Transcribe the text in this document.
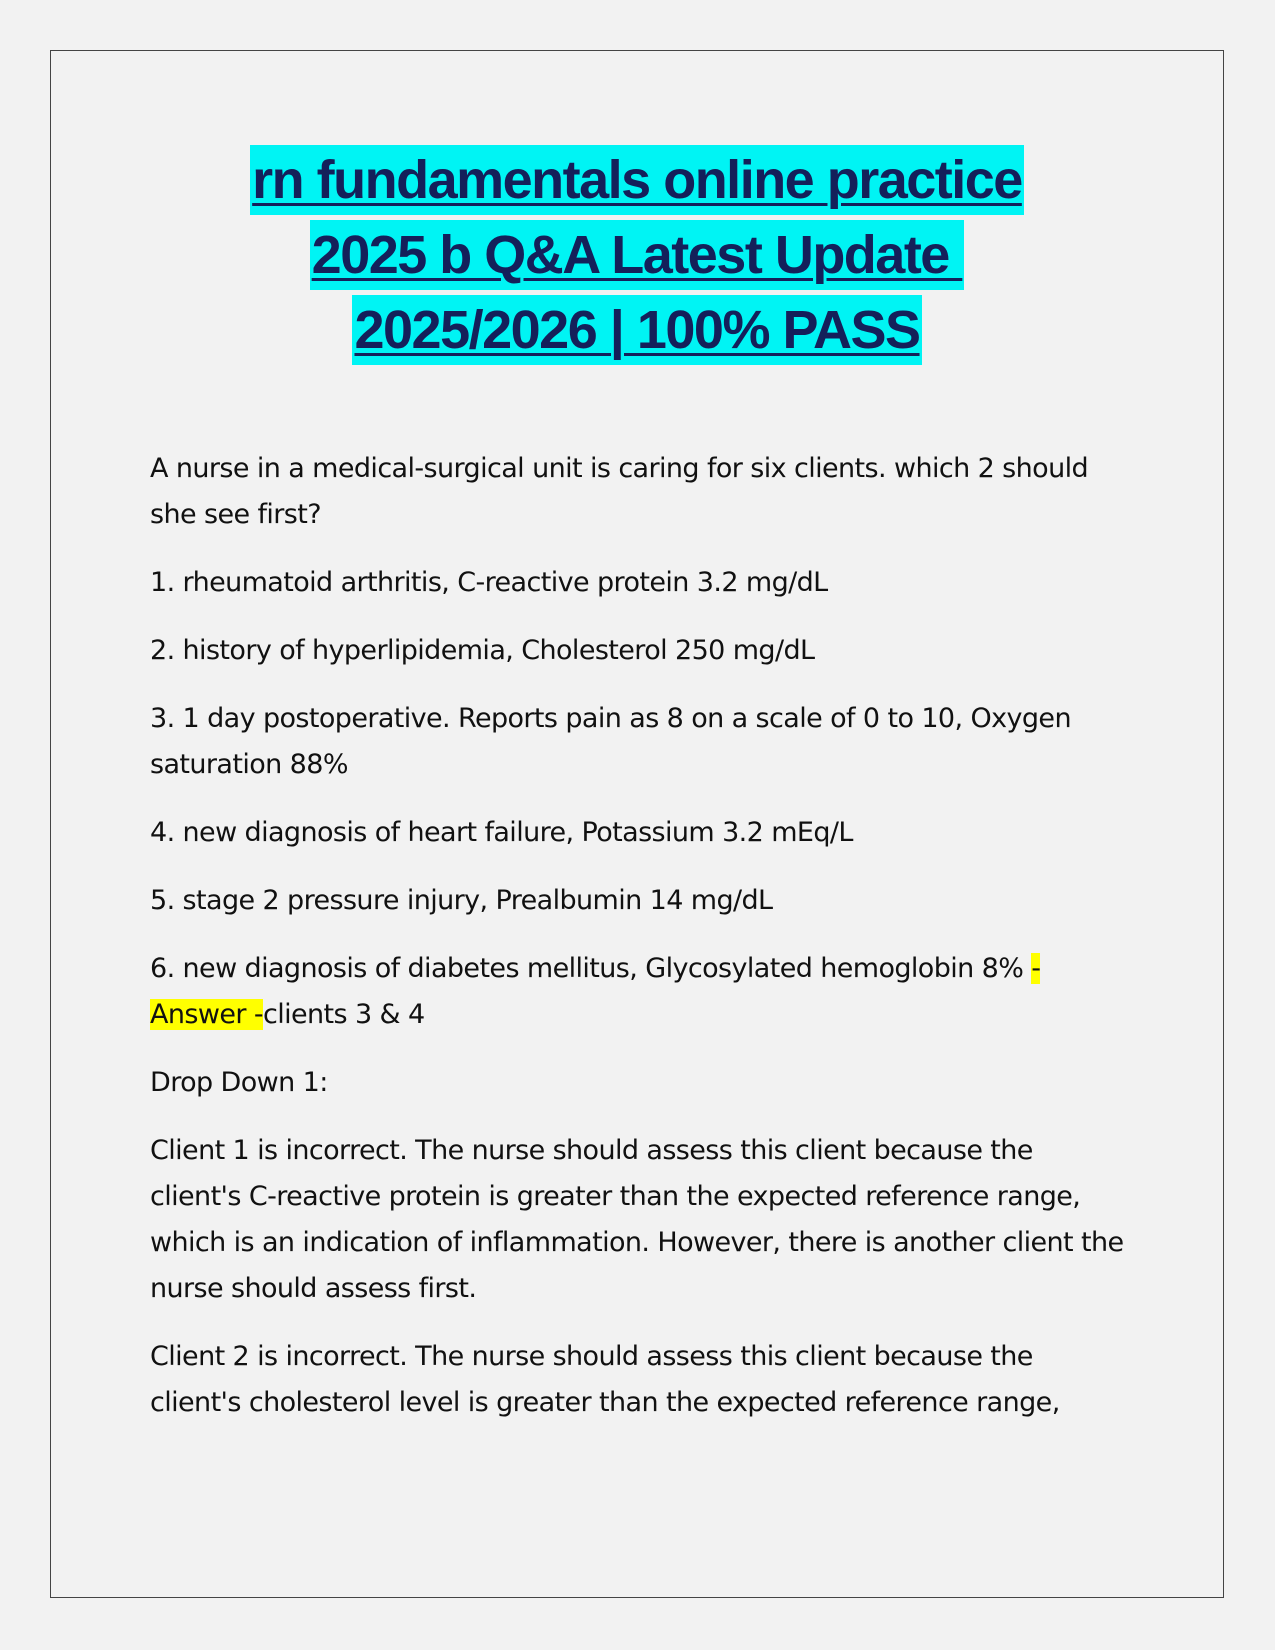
rn fundamentals online practice
2025 b Q&A Latest Update
2025/2026 | 100% PASS

A nurse in a medical-surgical unit is caring for six clients. which 2 should she see first?

1. rheumatoid arthritis, C-reactive protein 3.2 mg/dL

2. history of hyperlipidemia, Cholesterol 250 mg/dL

3. 1 day postoperative. Reports pain as 8 on a scale of 0 to 10, Oxygen saturation 88%

4. new diagnosis of heart failure, Potassium 3.2 mEq/L

5. stage 2 pressure injury, Prealbumin 14 mg/dL

6. new diagnosis of diabetes mellitus, Glycosylated hemoglobin 8% -Answer -clients 3 & 4

Drop Down 1:

Client 1 is incorrect. The nurse should assess this client because the client's C-reactive protein is greater than the expected reference range, which is an indication of inflammation. However, there is another client the nurse should assess first.

Client 2 is incorrect. The nurse should assess this client because the client's cholesterol level is greater than the expected reference range,
